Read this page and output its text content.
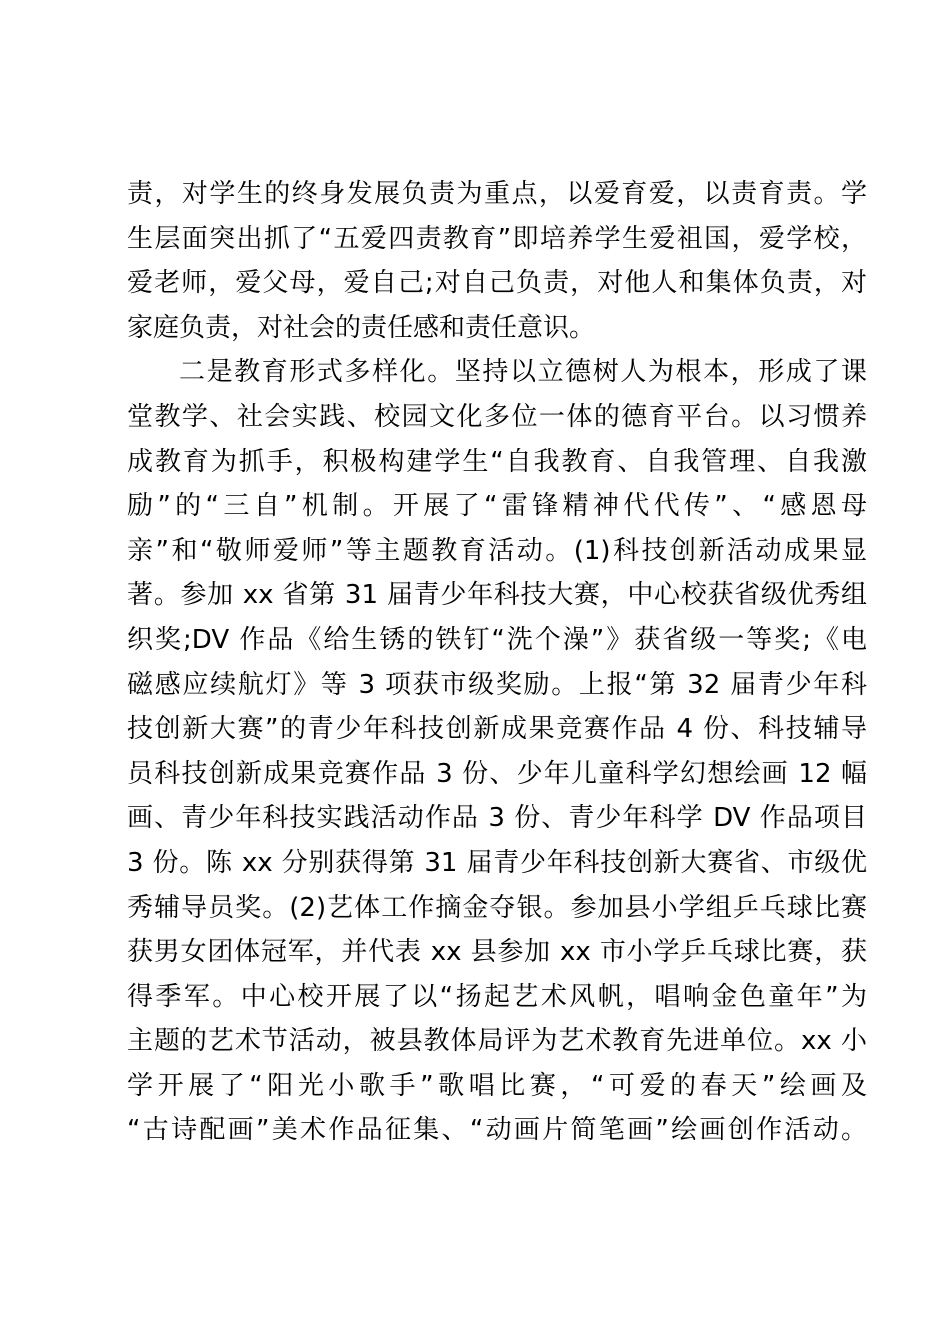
责，对学生的终身发展负责为重点，以爱育爱，以责育责。学
生层面突出抓了“五爱四责教育”即培养学生爱祖国，爱学校，
爱老师，爱父母，爱自己;对自己负责，对他人和集体负责，对
家庭负责，对社会的责任感和责任意识。
二是教育形式多样化。坚持以立德树人为根本，形成了课
堂教学、社会实践、校园文化多位一体的德育平台。以习惯养
成教育为抓手，积极构建学生“自我教育、自我管理、自我激
励”的“三自”机制。开展了“雷锋精神代代传”、“感恩母
亲”和“敬师爱师”等主题教育活动。(1)科技创新活动成果显
著。参加 xx 省第 31 届青少年科技大赛，中心校获省级优秀组
织奖;DV 作品《给生锈的铁钉“洗个澡”》获省级一等奖;《电
磁感应续航灯》等 3 项获市级奖励。上报“第 32 届青少年科
技创新大赛”的青少年科技创新成果竞赛作品 4 份、科技辅导
员科技创新成果竞赛作品 3 份、少年儿童科学幻想绘画 12 幅
画、青少年科技实践活动作品 3 份、青少年科学 DV 作品项目
3 份。陈 xx 分别获得第 31 届青少年科技创新大赛省、市级优
秀辅导员奖。(2)艺体工作摘金夺银。参加县小学组乒乓球比赛
获男女团体冠军，并代表 xx 县参加 xx 市小学乒乓球比赛，获
得季军。中心校开展了以“扬起艺术风帆，唱响金色童年”为
主题的艺术节活动，被县教体局评为艺术教育先进单位。xx 小
学开展了“阳光小歌手”歌唱比赛，“可爱的春天”绘画及
“古诗配画”美术作品征集、“动画片简笔画”绘画创作活动。
